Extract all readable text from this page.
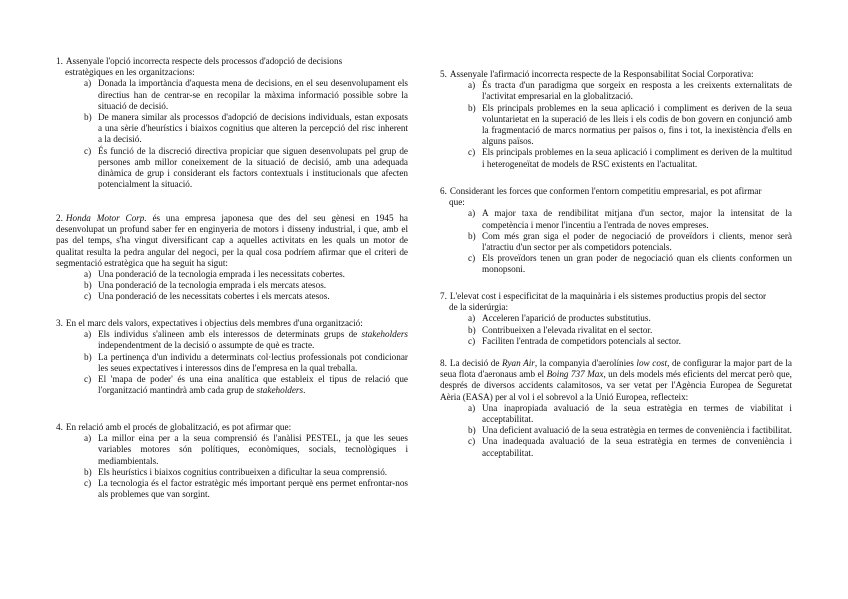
1. Assenyale l'opció incorrecta respecte dels processos d'adopció de decisions
estratègiques en les organitzacions:
a) Donada la importància d'aquesta mena de decisions, en el seu desenvolupament els directius han de centrar-se en recopilar la màxima informació possible sobre la situació de decisió.
b) De manera similar als processos d'adopció de decisions individuals, estan exposats a una sèrie d'heurístics i biaixos cognitius que alteren la percepció del risc inherent a la decisió.
c) És funció de la discreció directiva propiciar que siguen desenvolupats pel grup de persones amb millor coneixement de la situació de decisió, amb una adequada dinàmica de grup i considerant els factors contextuals i institucionals que afecten potencialment la situació.
2. Honda Motor Corp. és una empresa japonesa que des del seu gènesi en 1945 ha desenvolupat un profund saber fer en enginyeria de motors i disseny industrial, i que, amb el pas del temps, s'ha vingut diversificant cap a aquelles activitats en les quals un motor de qualitat resulta la pedra angular del negoci, per la qual cosa podríem afirmar que el criteri de segmentació estratègica que ha seguit ha sigut:
a) Una ponderació de la tecnologia emprada i les necessitats cobertes.
b) Una ponderació de la tecnologia emprada i els mercats atesos.
c) Una ponderació de les necessitats cobertes i els mercats atesos.
3. En el marc dels valors, expectatives i objectius dels membres d'una organització:
a) Els individus s'alineen amb els interessos de determinats grups de stakeholders independentment de la decisió o assumpte de què es tracte.
b) La pertinença d'un individu a determinats col·lectius professionals pot condicionar les seues expectatives i interessos dins de l'empresa en la qual treballa.
c) El 'mapa de poder' és una eina analítica que estableix el tipus de relació que l'organització mantindrà amb cada grup de stakeholders.
4. En relació amb el procés de globalització, es pot afirmar que:
a) La millor eina per a la seua comprensió és l'anàlisi PESTEL, ja que les seues variables motores són polítiques, econòmiques, socials, tecnològiques i mediambientals.
b) Els heurístics i biaixos cognitius contribueixen a dificultar la seua comprensió.
c) La tecnologia és el factor estratègic més important perquè ens permet enfrontar-nos als problemes que van sorgint.
5. Assenyale l'afirmació incorrecta respecte de la Responsabilitat Social Corporativa:
a) És tracta d'un paradigma que sorgeix en resposta a les creixents externalitats de l'activitat empresarial en la globalització.
b) Els principals problemes en la seua aplicació i compliment es deriven de la seua voluntarietat en la superació de les lleis i els codis de bon govern en conjunció amb la fragmentació de marcs normatius per països o, fins i tot, la inexistència d'ells en alguns països.
c) Els principals problemes en la seua aplicació i compliment es deriven de la multitud i heterogeneïtat de models de RSC existents en l'actualitat.
6. Considerant les forces que conformen l'entorn competitiu empresarial, es pot afirmar
que:
a) A major taxa de rendibilitat mitjana d'un sector, major la intensitat de la competència i menor l'incentiu a l'entrada de noves empreses.
b) Com més gran siga el poder de negociació de proveïdors i clients, menor serà l'atractiu d'un sector per als competidors potencials.
c) Els proveïdors tenen un gran poder de negociació quan els clients conformen un monopsoni.
7. L'elevat cost i especificitat de la maquinària i els sistemes productius propis del sector
de la siderúrgia:
a) Acceleren l'aparició de productes substitutius.
b) Contribueixen a l'elevada rivalitat en el sector.
c) Faciliten l'entrada de competidors potencials al sector.
8. La decisió de Ryan Air, la companyia d'aerolínies low cost, de configurar la major part de la seua flota d'aeronaus amb el Boing 737 Max, un dels models més eficients del mercat però que, després de diversos accidents calamitosos, va ser vetat per l'Agència Europea de Seguretat Aèria (EASA) per al vol i el sobrevol a la Unió Europea, reflecteix:
a) Una inapropiada avaluació de la seua estratègia en termes de viabilitat i acceptabilitat.
b) Una deficient avaluació de la seua estratègia en termes de conveniència i factibilitat.
c) Una inadequada avaluació de la seua estratègia en termes de conveniència i acceptabilitat.
